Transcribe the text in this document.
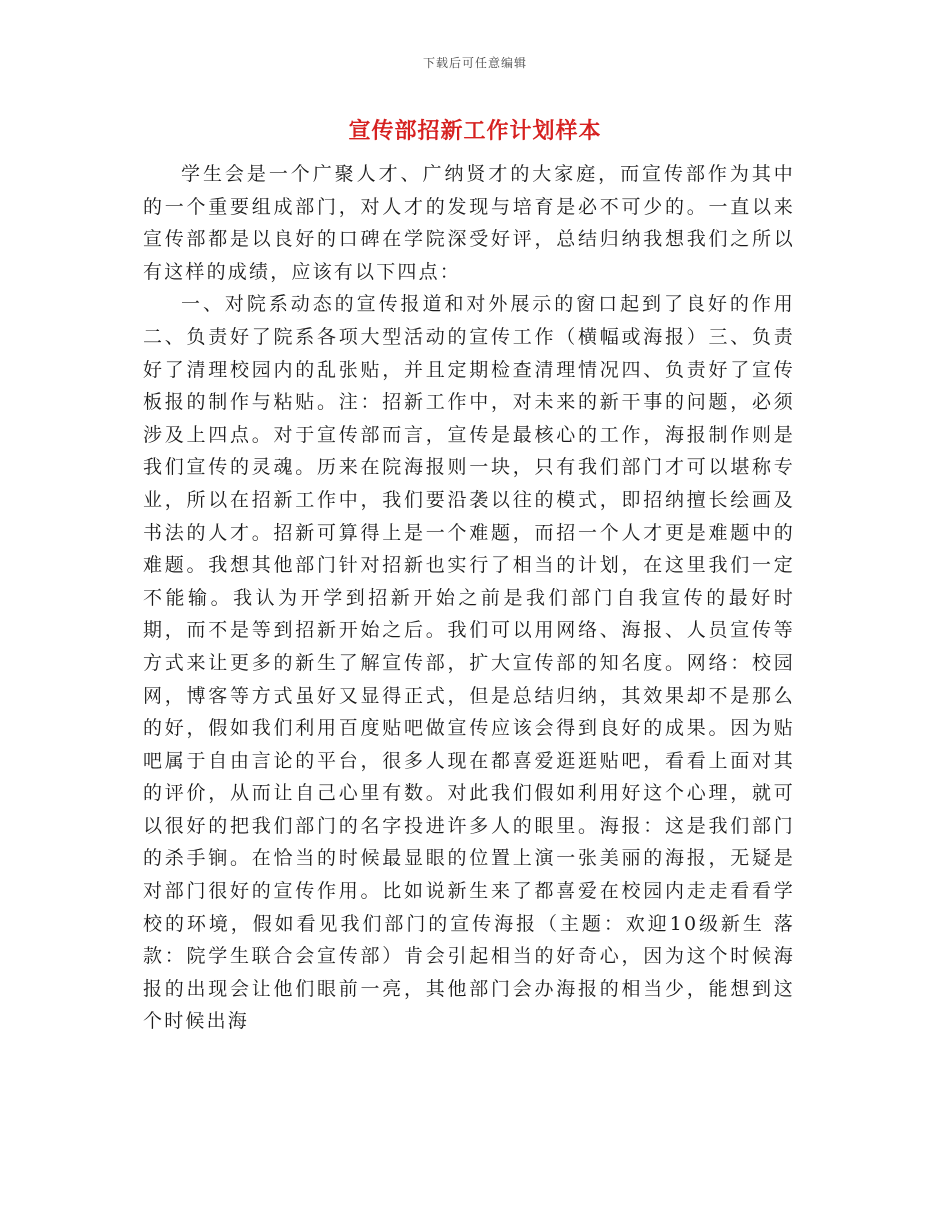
下载后可任意编辑
宣传部招新工作计划样本

学生会是一个广聚人才、广纳贤才的大家庭，而宣传部作为其中的一个重要组成部门，对人才的发现与培育是必不可少的。一直以来宣传部都是以良好的口碑在学院深受好评，总结归纳我想我们之所以有这样的成绩，应该有以下四点：

一、对院系动态的宣传报道和对外展示的窗口起到了良好的作用二、负责好了院系各项大型活动的宣传工作（横幅或海报）三、负责好了清理校园内的乱张贴，并且定期检查清理情况四、负责好了宣传板报的制作与粘贴。注：招新工作中，对未来的新干事的问题，必须涉及上四点。对于宣传部而言，宣传是最核心的工作，海报制作则是我们宣传的灵魂。历来在院海报则一块，只有我们部门才可以堪称专业，所以在招新工作中，我们要沿袭以往的模式，即招纳擅长绘画及书法的人才。招新可算得上是一个难题，而招一个人才更是难题中的难题。我想其他部门针对招新也实行了相当的计划，在这里我们一定不能输。我认为开学到招新开始之前是我们部门自我宣传的最好时期，而不是等到招新开始之后。我们可以用网络、海报、人员宣传等方式来让更多的新生了解宣传部，扩大宣传部的知名度。网络：校园网，博客等方式虽好又显得正式，但是总结归纳，其效果却不是那么的好，假如我们利用百度贴吧做宣传应该会得到良好的成果。因为贴吧属于自由言论的平台，很多人现在都喜爱逛逛贴吧，看看上面对其的评价，从而让自己心里有数。对此我们假如利用好这个心理，就可以很好的把我们部门的名字投进许多人的眼里。海报：这是我们部门的杀手锏。在恰当的时候最显眼的位置上演一张美丽的海报，无疑是对部门很好的宣传作用。比如说新生来了都喜爱在校园内走走看看学校的环境，假如看见我们部门的宣传海报（主题：欢迎10级新生 落款：院学生联合会宣传部）肯会引起相当的好奇心，因为这个时候海报的出现会让他们眼前一亮，其他部门会办海报的相当少，能想到这个时候出海
